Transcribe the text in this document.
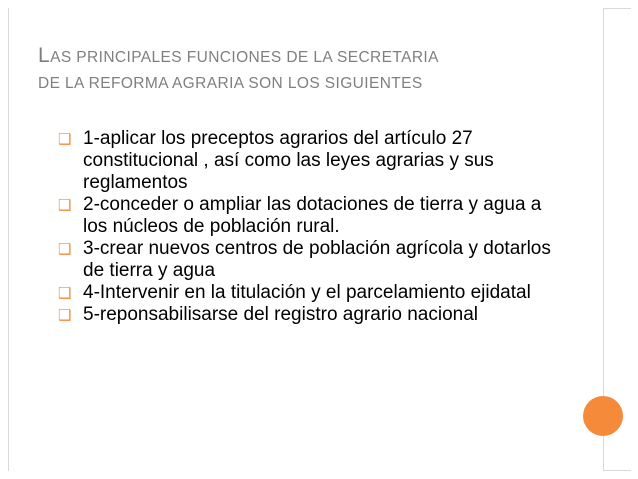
LAS PRINCIPALES FUNCIONES DE LA SECRETARIA
DE LA REFORMA AGRARIA SON LOS SIGUIENTES
❑ 1-aplicar los preceptos agrarios del artículo 27 constitucional , así como las leyes agrarias y sus reglamentos
❑ 2-conceder o ampliar las dotaciones de tierra y agua a los núcleos de población rural.
❑ 3-crear nuevos centros de población agrícola y dotarlos de tierra y agua
❑ 4-Intervenir en la titulación y el parcelamiento ejidatal
❑ 5-reponsabilisarse del registro agrario nacional
